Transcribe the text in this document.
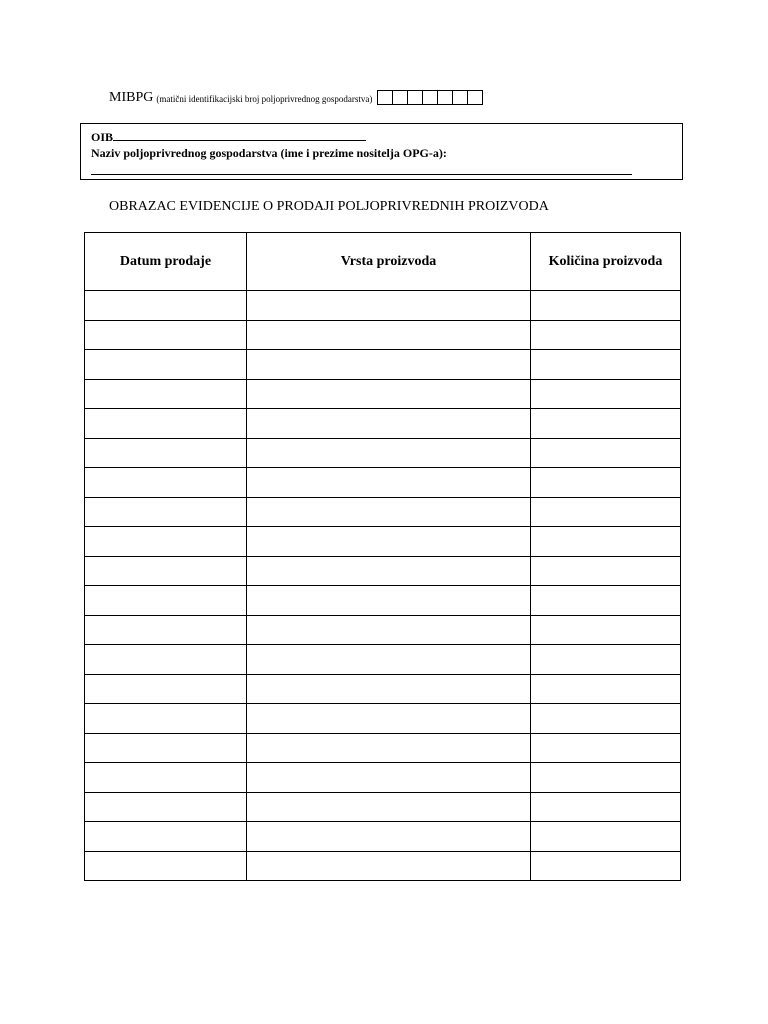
MIBPG (matični identifikacijski broj poljoprivrednog gospodarstva)
OIB
Naziv poljoprivrednog gospodarstva (ime i prezime nositelja OPG-a):
OBRAZAC EVIDENCIJE O PRODAJI POLJOPRIVREDNIH PROIZVODA
Datum prodaje	Vrsta proizvoda	Količina proizvoda
